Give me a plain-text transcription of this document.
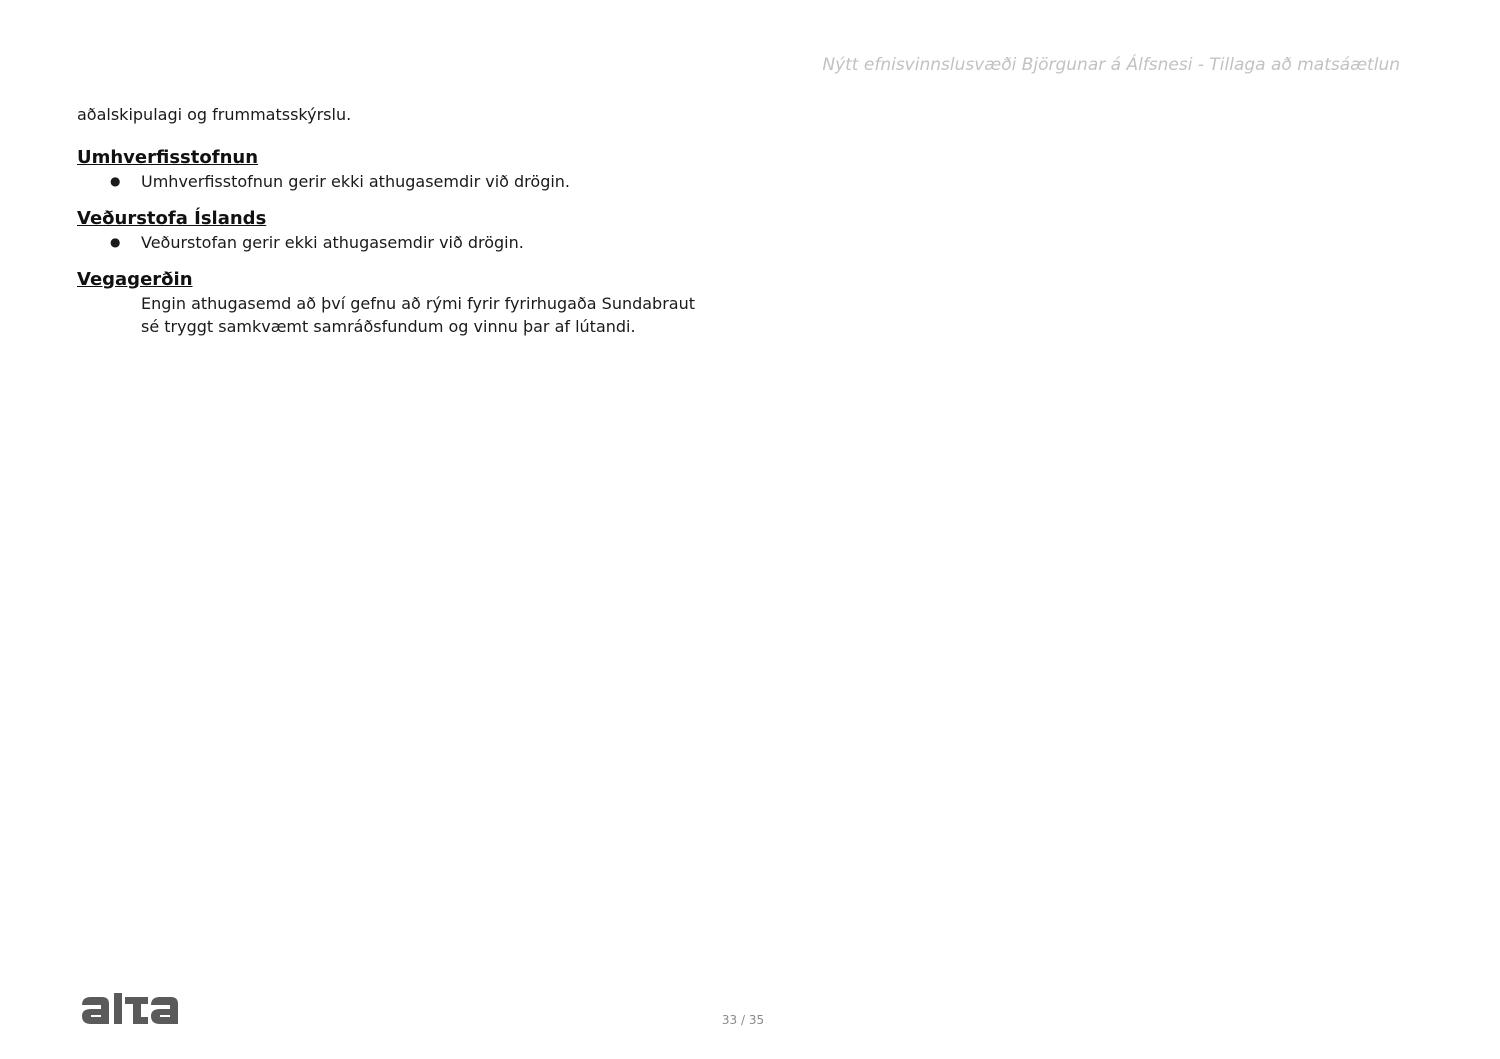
Nýtt efnisvinnslusvæði Björgunar á Álfsnesi - Tillaga að matsáætlun

aðalskipulagi og frummatsskýrslu.

Umhverfisstofnun
● Umhverfisstofnun gerir ekki athugasemdir við drögin.
Veðurstofa Íslands
● Veðurstofan gerir ekki athugasemdir við drögin.
Vegagerðin

Engin athugasemd að því gefnu að rými fyrir fyrirhugaða Sundabraut
sé tryggt samkvæmt samráðsfundum og vinnu þar af lútandi.

33 / 35
